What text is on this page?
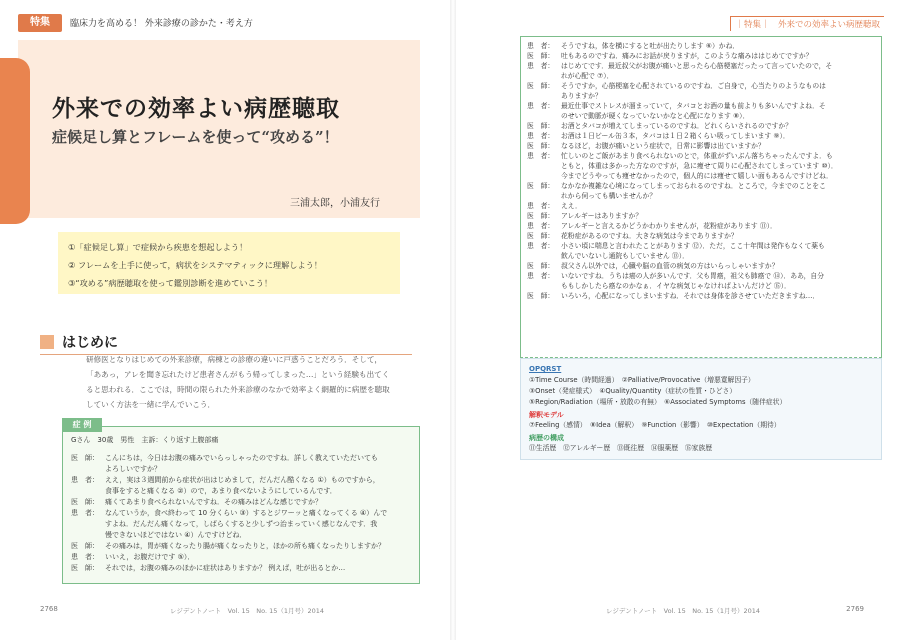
特集	臨床力を高める！ 外来診療の診かた・考え方
外来での効率よい病歴聴取
症候足し算とフレームを使って“攻める”！
三浦太郎，小浦友行
①「症候足し算」で症候から疾患を想起しよう！
② フレームを上手に使って，病状をシステマティックに理解しよう！
③“攻める”病歴聴取を使って鑑別診断を進めていこう！
はじめに
研修医となりはじめての外来診療，病棟との診療の違いに戸惑うことだろう．そして，
「ああっ，アレを聞き忘れたけど患者さんがもう帰ってしまった…」という経験も出てく
ると思われる．ここでは，時間の限られた外来診療のなかで効率よく網羅的に病歴を聴取
していく方法を一緒に学んでいこう．
Gさん　30歳　男性　主訴：くり返す上腹部痛
医　師： こんにちは，今日はお腹の痛みでいらっしゃったのですね．詳しく教えていただいても
よろしいですか？
患　者： ええ，実は３週間前から症状が出はじめまして，だんだん酷くなる ①）ものですから，
食事をすると痛くなる ②）ので，あまり食べないようにしているんです．
医　師： 痛くてあまり食べられないんですね．その痛みはどんな感じですか？
患　者： なんていうか，食べ終わって 10 分くらい ③）するとジワーッと痛くなってくる ④）んで
すよね．だんだん痛くなって，しばらくすると少しずつ治まっていく感じなんです．我
慢できないほどではない ④）んですけどね．
医　師： その痛みは，胃が痛くなったり腸が痛くなったりと，ほかの所も痛くなったりしますか？
患　者： いいえ，お腹だけです ⑤）．
医　師： それでは，お腹の痛みのほかに症状はありますか？ 例えば，吐が出るとか…
症 例
2768	レジデントノート　Vol. 15　No. 15（1月号）2014
｜特集｜　外来での効率よい病歴聴取
患　者：	そうですね，体を横にすると吐が出たりします ⑥）かね．
医　師：	吐もあるのですね．痛みにお話が戻りますが，このような痛みははじめてですか？
患　者：	はじめてです．最近叔父がお腹が痛いと思ったら心筋梗塞だったって言っていたので，そ
れが心配で ⑦）．
医　師：	そうですか，心筋梗塞を心配されているのですね．ご自身で，心当たりのようなものは
ありますか？
患　者：	最近仕事でストレスが溜まっていて，タバコとお酒の量も前よりも多いんですよね．そ
のせいで動脈が硬くなっていないかなと心配になります ⑧）．
医　師：	お酒とタバコが増えてしまっているのですね．どれくらいされるのですか？
患　者：	お酒は１日ビール缶３本，タバコは１日２箱くらい吸ってしまいます ⑨）．
医　師：	なるほど，お腹が痛いという症状で，日常に影響は出ていますか？
患　者：	忙しいのとご飯があまり食べられないのとで，体重がずいぶん落ちちゃったんですよ．も
ともと，体重は多かった方なのですが，急に痩せて周りに心配されてしまっています ⑩）．
今までどうやっても痩せなかったので，個人的には痩せて嬉しい面もあるんですけどね．
医　師：	なかなか複雑な心境になってしまっておられるのですね．ところで，今までのことをこ
れから伺っても構いませんか？
患　者：	ええ．
医　師：	アレルギーはありますか？
患　者：	アレルギーと言えるかどうかわかりませんが，花粉症があります ⑪）．
医　師：	花粉症があるのですね．大きな病気は今までありますか？
患　者：	小さい頃に喘息と言われたことがあります ⑫）．ただ，ここ十年間は発作もなくて薬も
飲んでいないし通院もしていません ⑬）．
医　師：	叔父さん以外では，心臓や脳の血管の病気の方はいらっしゃいますか？
患　者：	いないですね．うちは癌の人が多いんです．父も胃癌，祖父も肺癌で ⑭）．ああ，自分
ももしかしたら癌なのかなぁ．イヤな病気じゃなければよいんだけど ⑮）．
医　師：	いろいろ，心配になってしまいますね．それでは身体を診させていただきますね…．
OPQRST
①Time Course（時間経過）　②Palliative/Provocative（増悪寛解因子）
③Onset（発症様式）　④Quality/Quantity（症状の性質・ひどさ）
⑤Region/Radiation（場所・放散の有無）　⑥Associated Symptoms（随伴症状）
解釈モデル
⑦Feeling（感情）　⑧Idea（解釈）　⑨Function（影響）　⑩Expectation（期待）
病歴の構成
⑪生活歴　⑫アレルギー歴　⑬既往歴　⑭服薬歴　⑮家族歴
レジデントノート　Vol. 15　No. 15（1月号）2014	2769
